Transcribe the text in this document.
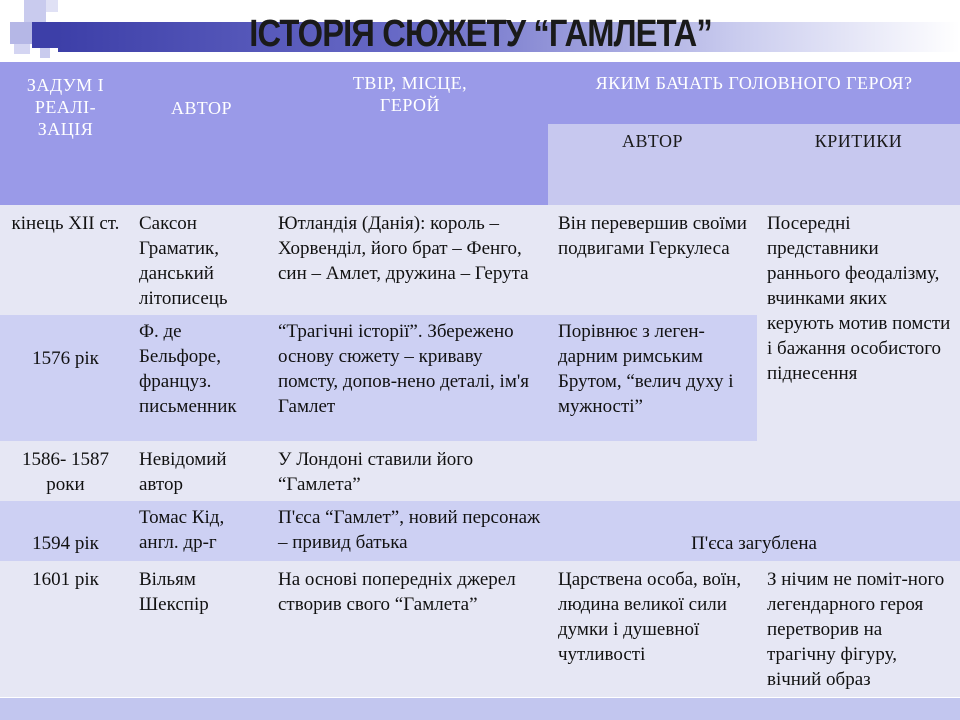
ІСТОРІЯ СЮЖЕТУ “ГАМЛЕТА”
ЗАДУМ І РЕАЛІ- ЗАЦІЯ	АВТОР	ТВІР, МІСЦЕ, ГЕРОЙ	ЯКИМ БАЧАТЬ ГОЛОВНОГО ГЕРОЯ?	
			АВТОР	КРИТИКИ
кінець ХІІ ст.	Саксон Граматик, данський літописець	Ютландія (Данія): король – Хорвенділ, його брат – Фенго, син – Амлет, дружина – Герута	Він перевершив своїми подвигами Геркулеса	Посередні представники раннього феодалізму, вчинками яких керують мотив помсти і бажання особистого піднесення
1576 рік	Ф. де Бельфоре, француз. письменник	“Трагічні історії”. Збережено основу сюжету – криваву помсту, допов-нено деталі, ім'я Гамлет	Порівнює з леген-дарним римським Брутом, “велич духу і мужності”	
1586- 1587 роки	Невідомий автор	У Лондоні ставили його “Гамлета”		
1594 рік	Томас Кід, англ. др-г	П'єса “Гамлет”, новий персонаж – привид батька	П'єса загублена	
1601 рік	Вільям Шекспір	На основі попередніх джерел створив свого “Гамлета”	Царствена особа, воїн, людина великої сили думки і душевної чутливості	З нічим не поміт-ного легендарного героя перетворив на трагічну фігуру, вічний образ
